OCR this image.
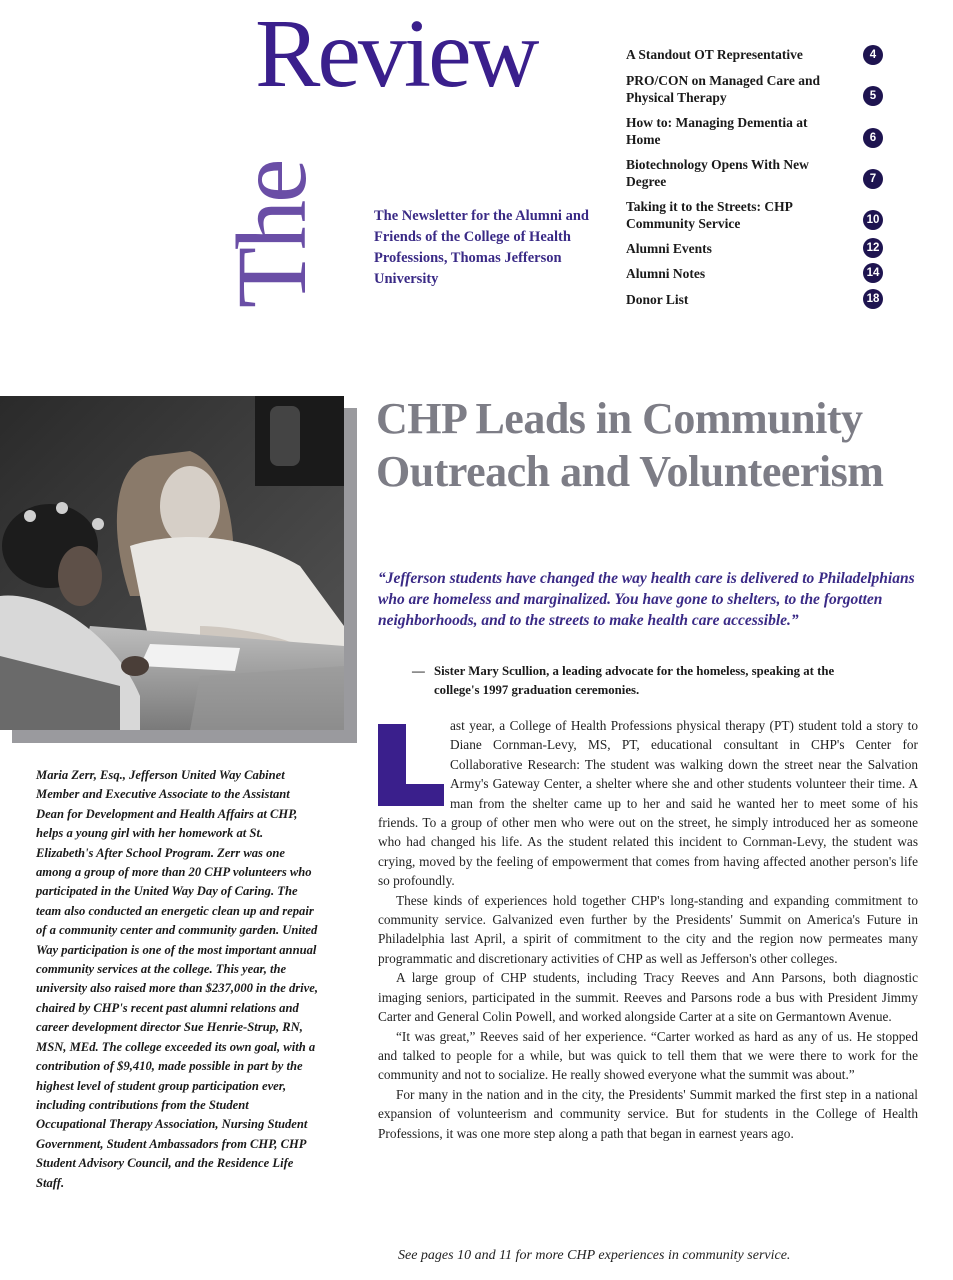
The
Review
The Newsletter for the Alumni and Friends of the College of Health Professions, Thomas Jefferson University
A Standout OT Representative	4
PRO/CON on Managed Care and Physical Therapy	5
How to: Managing Dementia at Home	6
Biotechnology Opens With New Degree	7
Taking it to the Streets: CHP Community Service	10
Alumni Events	12
Alumni Notes	14
Donor List	18
Maria Zerr, Esq., Jefferson United Way Cabinet Member and Executive Associate to the Assistant Dean for Development and Health Affairs at CHP, helps a young girl with her homework at St. Elizabeth's After School Program. Zerr was one among a group of more than 20 CHP volunteers who participated in the United Way Day of Caring. The team also conducted an energetic clean up and repair of a community center and community garden. United Way participation is one of the most important annual community services at the college. This year, the university also raised more than $237,000 in the drive, chaired by CHP's recent past alumni relations and career development director Sue Henrie-Strup, RN, MSN, MEd. The college exceeded its own goal, with a contribution of $9,410, made possible in part by the highest level of student group participation ever, including contributions from the Student Occupational Therapy Association, Nursing Student Government, Student Ambassadors from CHP, CHP Student Advisory Council, and the Residence Life Staff.
CHP Leads in Community Outreach and Volunteerism
“Jefferson students have changed the way health care is delivered to Philadelphians who are homeless and marginalized. You have gone to shelters, to the forgotten neighborhoods, and to the streets to make health care accessible.”
— Sister Mary Scullion, a leading advocate for the homeless, speaking at the college's 1997 graduation ceremonies.

ast year, a College of Health Professions physical therapy (PT) student told a story to Diane Cornman-Levy, MS, PT, educational consultant in CHP's Center for Collaborative Research: The student was walking down the street near the Salvation Army's Gateway Center, a shelter where she and other students volunteer their time. A man from the shelter came up to her and said he wanted her to meet some of his friends. To a group of other men who were out on the street, he simply introduced her as someone who had changed his life. As the student related this incident to Cornman-Levy, the student was crying, moved by the feeling of empowerment that comes from having affected another person's life so profoundly.

These kinds of experiences hold together CHP's long-standing and expanding commitment to community service. Galvanized even further by the Presidents' Summit on America's Future in Philadelphia last April, a spirit of commitment to the city and the region now permeates many programmatic and discretionary activities of CHP as well as Jefferson's other colleges.

A large group of CHP students, including Tracy Reeves and Ann Parsons, both diagnostic imaging seniors, participated in the summit. Reeves and Parsons rode a bus with President Jimmy Carter and General Colin Powell, and worked alongside Carter at a site on Germantown Avenue.

“It was great,” Reeves said of her experience. “Carter worked as hard as any of us. He stopped and talked to people for a while, but was quick to tell them that we were there to work for the community and not to socialize. He really showed everyone what the summit was about.”

For many in the nation and in the city, the Presidents' Summit marked the first step in a national expansion of volunteerism and community service. But for students in the College of Health Professions, it was one more step along a path that began in earnest years ago.

See pages 10 and 11 for more CHP experiences in community service.
